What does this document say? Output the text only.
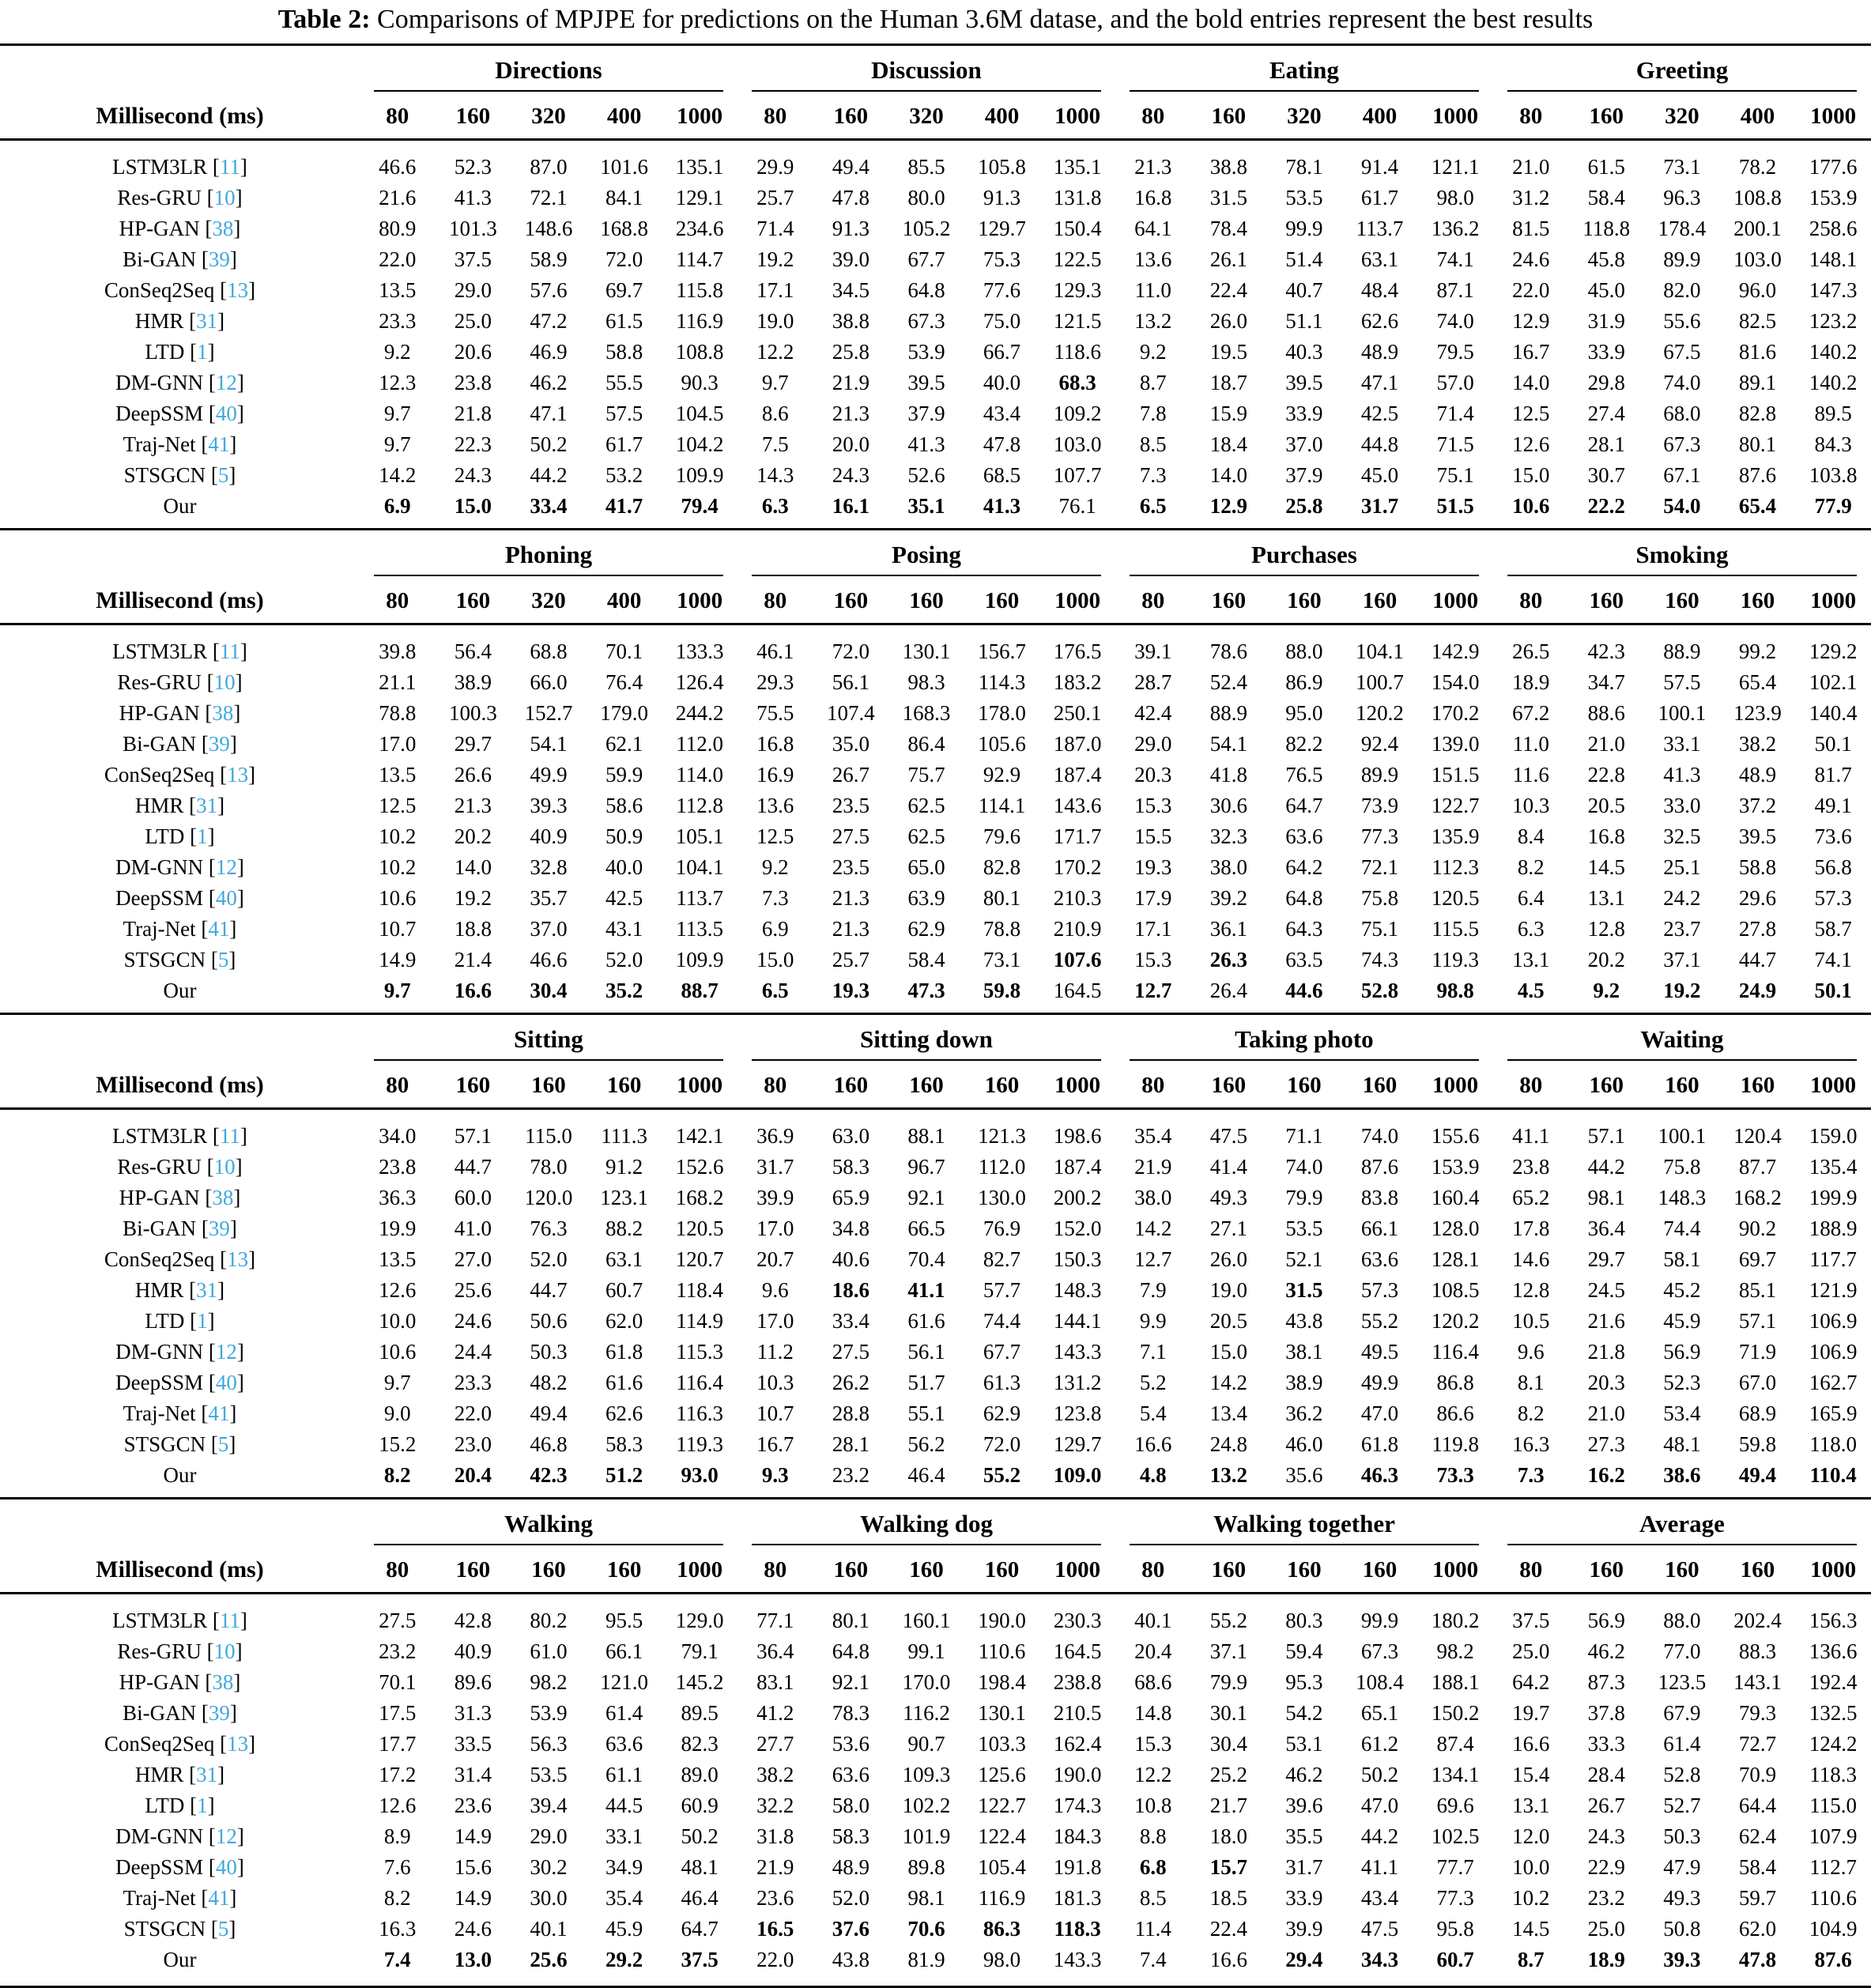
Table 2: Comparisons of MPJPE for predictions on the Human 3.6M datase, and the bold entries represent the best results

	Directions					Discussion					Eating					Greeting				

Millisecond (ms)	80	160	320	400	1000	80	160	320	400	1000	80	160	320	400	1000	80	160	320	400	1000
LSTM3LR [11]	46.6	52.3	87.0	101.6	135.1	29.9	49.4	85.5	105.8	135.1	21.3	38.8	78.1	91.4	121.1	21.0	61.5	73.1	78.2	177.6
Res-GRU [10]	21.6	41.3	72.1	84.1	129.1	25.7	47.8	80.0	91.3	131.8	16.8	31.5	53.5	61.7	98.0	31.2	58.4	96.3	108.8	153.9
HP-GAN [38]	80.9	101.3	148.6	168.8	234.6	71.4	91.3	105.2	129.7	150.4	64.1	78.4	99.9	113.7	136.2	81.5	118.8	178.4	200.1	258.6
Bi-GAN [39]	22.0	37.5	58.9	72.0	114.7	19.2	39.0	67.7	75.3	122.5	13.6	26.1	51.4	63.1	74.1	24.6	45.8	89.9	103.0	148.1
ConSeq2Seq [13]	13.5	29.0	57.6	69.7	115.8	17.1	34.5	64.8	77.6	129.3	11.0	22.4	40.7	48.4	87.1	22.0	45.0	82.0	96.0	147.3
HMR [31]	23.3	25.0	47.2	61.5	116.9	19.0	38.8	67.3	75.0	121.5	13.2	26.0	51.1	62.6	74.0	12.9	31.9	55.6	82.5	123.2
LTD [1]	9.2	20.6	46.9	58.8	108.8	12.2	25.8	53.9	66.7	118.6	9.2	19.5	40.3	48.9	79.5	16.7	33.9	67.5	81.6	140.2
DM-GNN [12]	12.3	23.8	46.2	55.5	90.3	9.7	21.9	39.5	40.0	68.3	8.7	18.7	39.5	47.1	57.0	14.0	29.8	74.0	89.1	140.2
DeepSSM [40]	9.7	21.8	47.1	57.5	104.5	8.6	21.3	37.9	43.4	109.2	7.8	15.9	33.9	42.5	71.4	12.5	27.4	68.0	82.8	89.5
Traj-Net [41]	9.7	22.3	50.2	61.7	104.2	7.5	20.0	41.3	47.8	103.0	8.5	18.4	37.0	44.8	71.5	12.6	28.1	67.3	80.1	84.3
STSGCN [5]	14.2	24.3	44.2	53.2	109.9	14.3	24.3	52.6	68.5	107.7	7.3	14.0	37.9	45.0	75.1	15.0	30.7	67.1	87.6	103.8
Our	6.9	15.0	33.4	41.7	79.4	6.3	16.1	35.1	41.3	76.1	6.5	12.9	25.8	31.7	51.5	10.6	22.2	54.0	65.4	77.9

	Phoning					Posing					Purchases					Smoking				

Millisecond (ms)	80	160	320	400	1000	80	160	160	160	1000	80	160	160	160	1000	80	160	160	160	1000
LSTM3LR [11]	39.8	56.4	68.8	70.1	133.3	46.1	72.0	130.1	156.7	176.5	39.1	78.6	88.0	104.1	142.9	26.5	42.3	88.9	99.2	129.2
Res-GRU [10]	21.1	38.9	66.0	76.4	126.4	29.3	56.1	98.3	114.3	183.2	28.7	52.4	86.9	100.7	154.0	18.9	34.7	57.5	65.4	102.1
HP-GAN [38]	78.8	100.3	152.7	179.0	244.2	75.5	107.4	168.3	178.0	250.1	42.4	88.9	95.0	120.2	170.2	67.2	88.6	100.1	123.9	140.4
Bi-GAN [39]	17.0	29.7	54.1	62.1	112.0	16.8	35.0	86.4	105.6	187.0	29.0	54.1	82.2	92.4	139.0	11.0	21.0	33.1	38.2	50.1
ConSeq2Seq [13]	13.5	26.6	49.9	59.9	114.0	16.9	26.7	75.7	92.9	187.4	20.3	41.8	76.5	89.9	151.5	11.6	22.8	41.3	48.9	81.7
HMR [31]	12.5	21.3	39.3	58.6	112.8	13.6	23.5	62.5	114.1	143.6	15.3	30.6	64.7	73.9	122.7	10.3	20.5	33.0	37.2	49.1
LTD [1]	10.2	20.2	40.9	50.9	105.1	12.5	27.5	62.5	79.6	171.7	15.5	32.3	63.6	77.3	135.9	8.4	16.8	32.5	39.5	73.6
DM-GNN [12]	10.2	14.0	32.8	40.0	104.1	9.2	23.5	65.0	82.8	170.2	19.3	38.0	64.2	72.1	112.3	8.2	14.5	25.1	58.8	56.8
DeepSSM [40]	10.6	19.2	35.7	42.5	113.7	7.3	21.3	63.9	80.1	210.3	17.9	39.2	64.8	75.8	120.5	6.4	13.1	24.2	29.6	57.3
Traj-Net [41]	10.7	18.8	37.0	43.1	113.5	6.9	21.3	62.9	78.8	210.9	17.1	36.1	64.3	75.1	115.5	6.3	12.8	23.7	27.8	58.7
STSGCN [5]	14.9	21.4	46.6	52.0	109.9	15.0	25.7	58.4	73.1	107.6	15.3	26.3	63.5	74.3	119.3	13.1	20.2	37.1	44.7	74.1
Our	9.7	16.6	30.4	35.2	88.7	6.5	19.3	47.3	59.8	164.5	12.7	26.4	44.6	52.8	98.8	4.5	9.2	19.2	24.9	50.1

	Sitting					Sitting down					Taking photo					Waiting				

Millisecond (ms)	80	160	160	160	1000	80	160	160	160	1000	80	160	160	160	1000	80	160	160	160	1000
LSTM3LR [11]	34.0	57.1	115.0	111.3	142.1	36.9	63.0	88.1	121.3	198.6	35.4	47.5	71.1	74.0	155.6	41.1	57.1	100.1	120.4	159.0
Res-GRU [10]	23.8	44.7	78.0	91.2	152.6	31.7	58.3	96.7	112.0	187.4	21.9	41.4	74.0	87.6	153.9	23.8	44.2	75.8	87.7	135.4
HP-GAN [38]	36.3	60.0	120.0	123.1	168.2	39.9	65.9	92.1	130.0	200.2	38.0	49.3	79.9	83.8	160.4	65.2	98.1	148.3	168.2	199.9
Bi-GAN [39]	19.9	41.0	76.3	88.2	120.5	17.0	34.8	66.5	76.9	152.0	14.2	27.1	53.5	66.1	128.0	17.8	36.4	74.4	90.2	188.9
ConSeq2Seq [13]	13.5	27.0	52.0	63.1	120.7	20.7	40.6	70.4	82.7	150.3	12.7	26.0	52.1	63.6	128.1	14.6	29.7	58.1	69.7	117.7
HMR [31]	12.6	25.6	44.7	60.7	118.4	9.6	18.6	41.1	57.7	148.3	7.9	19.0	31.5	57.3	108.5	12.8	24.5	45.2	85.1	121.9
LTD [1]	10.0	24.6	50.6	62.0	114.9	17.0	33.4	61.6	74.4	144.1	9.9	20.5	43.8	55.2	120.2	10.5	21.6	45.9	57.1	106.9
DM-GNN [12]	10.6	24.4	50.3	61.8	115.3	11.2	27.5	56.1	67.7	143.3	7.1	15.0	38.1	49.5	116.4	9.6	21.8	56.9	71.9	106.9
DeepSSM [40]	9.7	23.3	48.2	61.6	116.4	10.3	26.2	51.7	61.3	131.2	5.2	14.2	38.9	49.9	86.8	8.1	20.3	52.3	67.0	162.7
Traj-Net [41]	9.0	22.0	49.4	62.6	116.3	10.7	28.8	55.1	62.9	123.8	5.4	13.4	36.2	47.0	86.6	8.2	21.0	53.4	68.9	165.9
STSGCN [5]	15.2	23.0	46.8	58.3	119.3	16.7	28.1	56.2	72.0	129.7	16.6	24.8	46.0	61.8	119.8	16.3	27.3	48.1	59.8	118.0
Our	8.2	20.4	42.3	51.2	93.0	9.3	23.2	46.4	55.2	109.0	4.8	13.2	35.6	46.3	73.3	7.3	16.2	38.6	49.4	110.4

	Walking					Walking dog					Walking together					Average				

Millisecond (ms)	80	160	160	160	1000	80	160	160	160	1000	80	160	160	160	1000	80	160	160	160	1000
LSTM3LR [11]	27.5	42.8	80.2	95.5	129.0	77.1	80.1	160.1	190.0	230.3	40.1	55.2	80.3	99.9	180.2	37.5	56.9	88.0	202.4	156.3
Res-GRU [10]	23.2	40.9	61.0	66.1	79.1	36.4	64.8	99.1	110.6	164.5	20.4	37.1	59.4	67.3	98.2	25.0	46.2	77.0	88.3	136.6
HP-GAN [38]	70.1	89.6	98.2	121.0	145.2	83.1	92.1	170.0	198.4	238.8	68.6	79.9	95.3	108.4	188.1	64.2	87.3	123.5	143.1	192.4
Bi-GAN [39]	17.5	31.3	53.9	61.4	89.5	41.2	78.3	116.2	130.1	210.5	14.8	30.1	54.2	65.1	150.2	19.7	37.8	67.9	79.3	132.5
ConSeq2Seq [13]	17.7	33.5	56.3	63.6	82.3	27.7	53.6	90.7	103.3	162.4	15.3	30.4	53.1	61.2	87.4	16.6	33.3	61.4	72.7	124.2
HMR [31]	17.2	31.4	53.5	61.1	89.0	38.2	63.6	109.3	125.6	190.0	12.2	25.2	46.2	50.2	134.1	15.4	28.4	52.8	70.9	118.3
LTD [1]	12.6	23.6	39.4	44.5	60.9	32.2	58.0	102.2	122.7	174.3	10.8	21.7	39.6	47.0	69.6	13.1	26.7	52.7	64.4	115.0
DM-GNN [12]	8.9	14.9	29.0	33.1	50.2	31.8	58.3	101.9	122.4	184.3	8.8	18.0	35.5	44.2	102.5	12.0	24.3	50.3	62.4	107.9
DeepSSM [40]	7.6	15.6	30.2	34.9	48.1	21.9	48.9	89.8	105.4	191.8	6.8	15.7	31.7	41.1	77.7	10.0	22.9	47.9	58.4	112.7
Traj-Net [41]	8.2	14.9	30.0	35.4	46.4	23.6	52.0	98.1	116.9	181.3	8.5	18.5	33.9	43.4	77.3	10.2	23.2	49.3	59.7	110.6
STSGCN [5]	16.3	24.6	40.1	45.9	64.7	16.5	37.6	70.6	86.3	118.3	11.4	22.4	39.9	47.5	95.8	14.5	25.0	50.8	62.0	104.9
Our	7.4	13.0	25.6	29.2	37.5	22.0	43.8	81.9	98.0	143.3	7.4	16.6	29.4	34.3	60.7	8.7	18.9	39.3	47.8	87.6
